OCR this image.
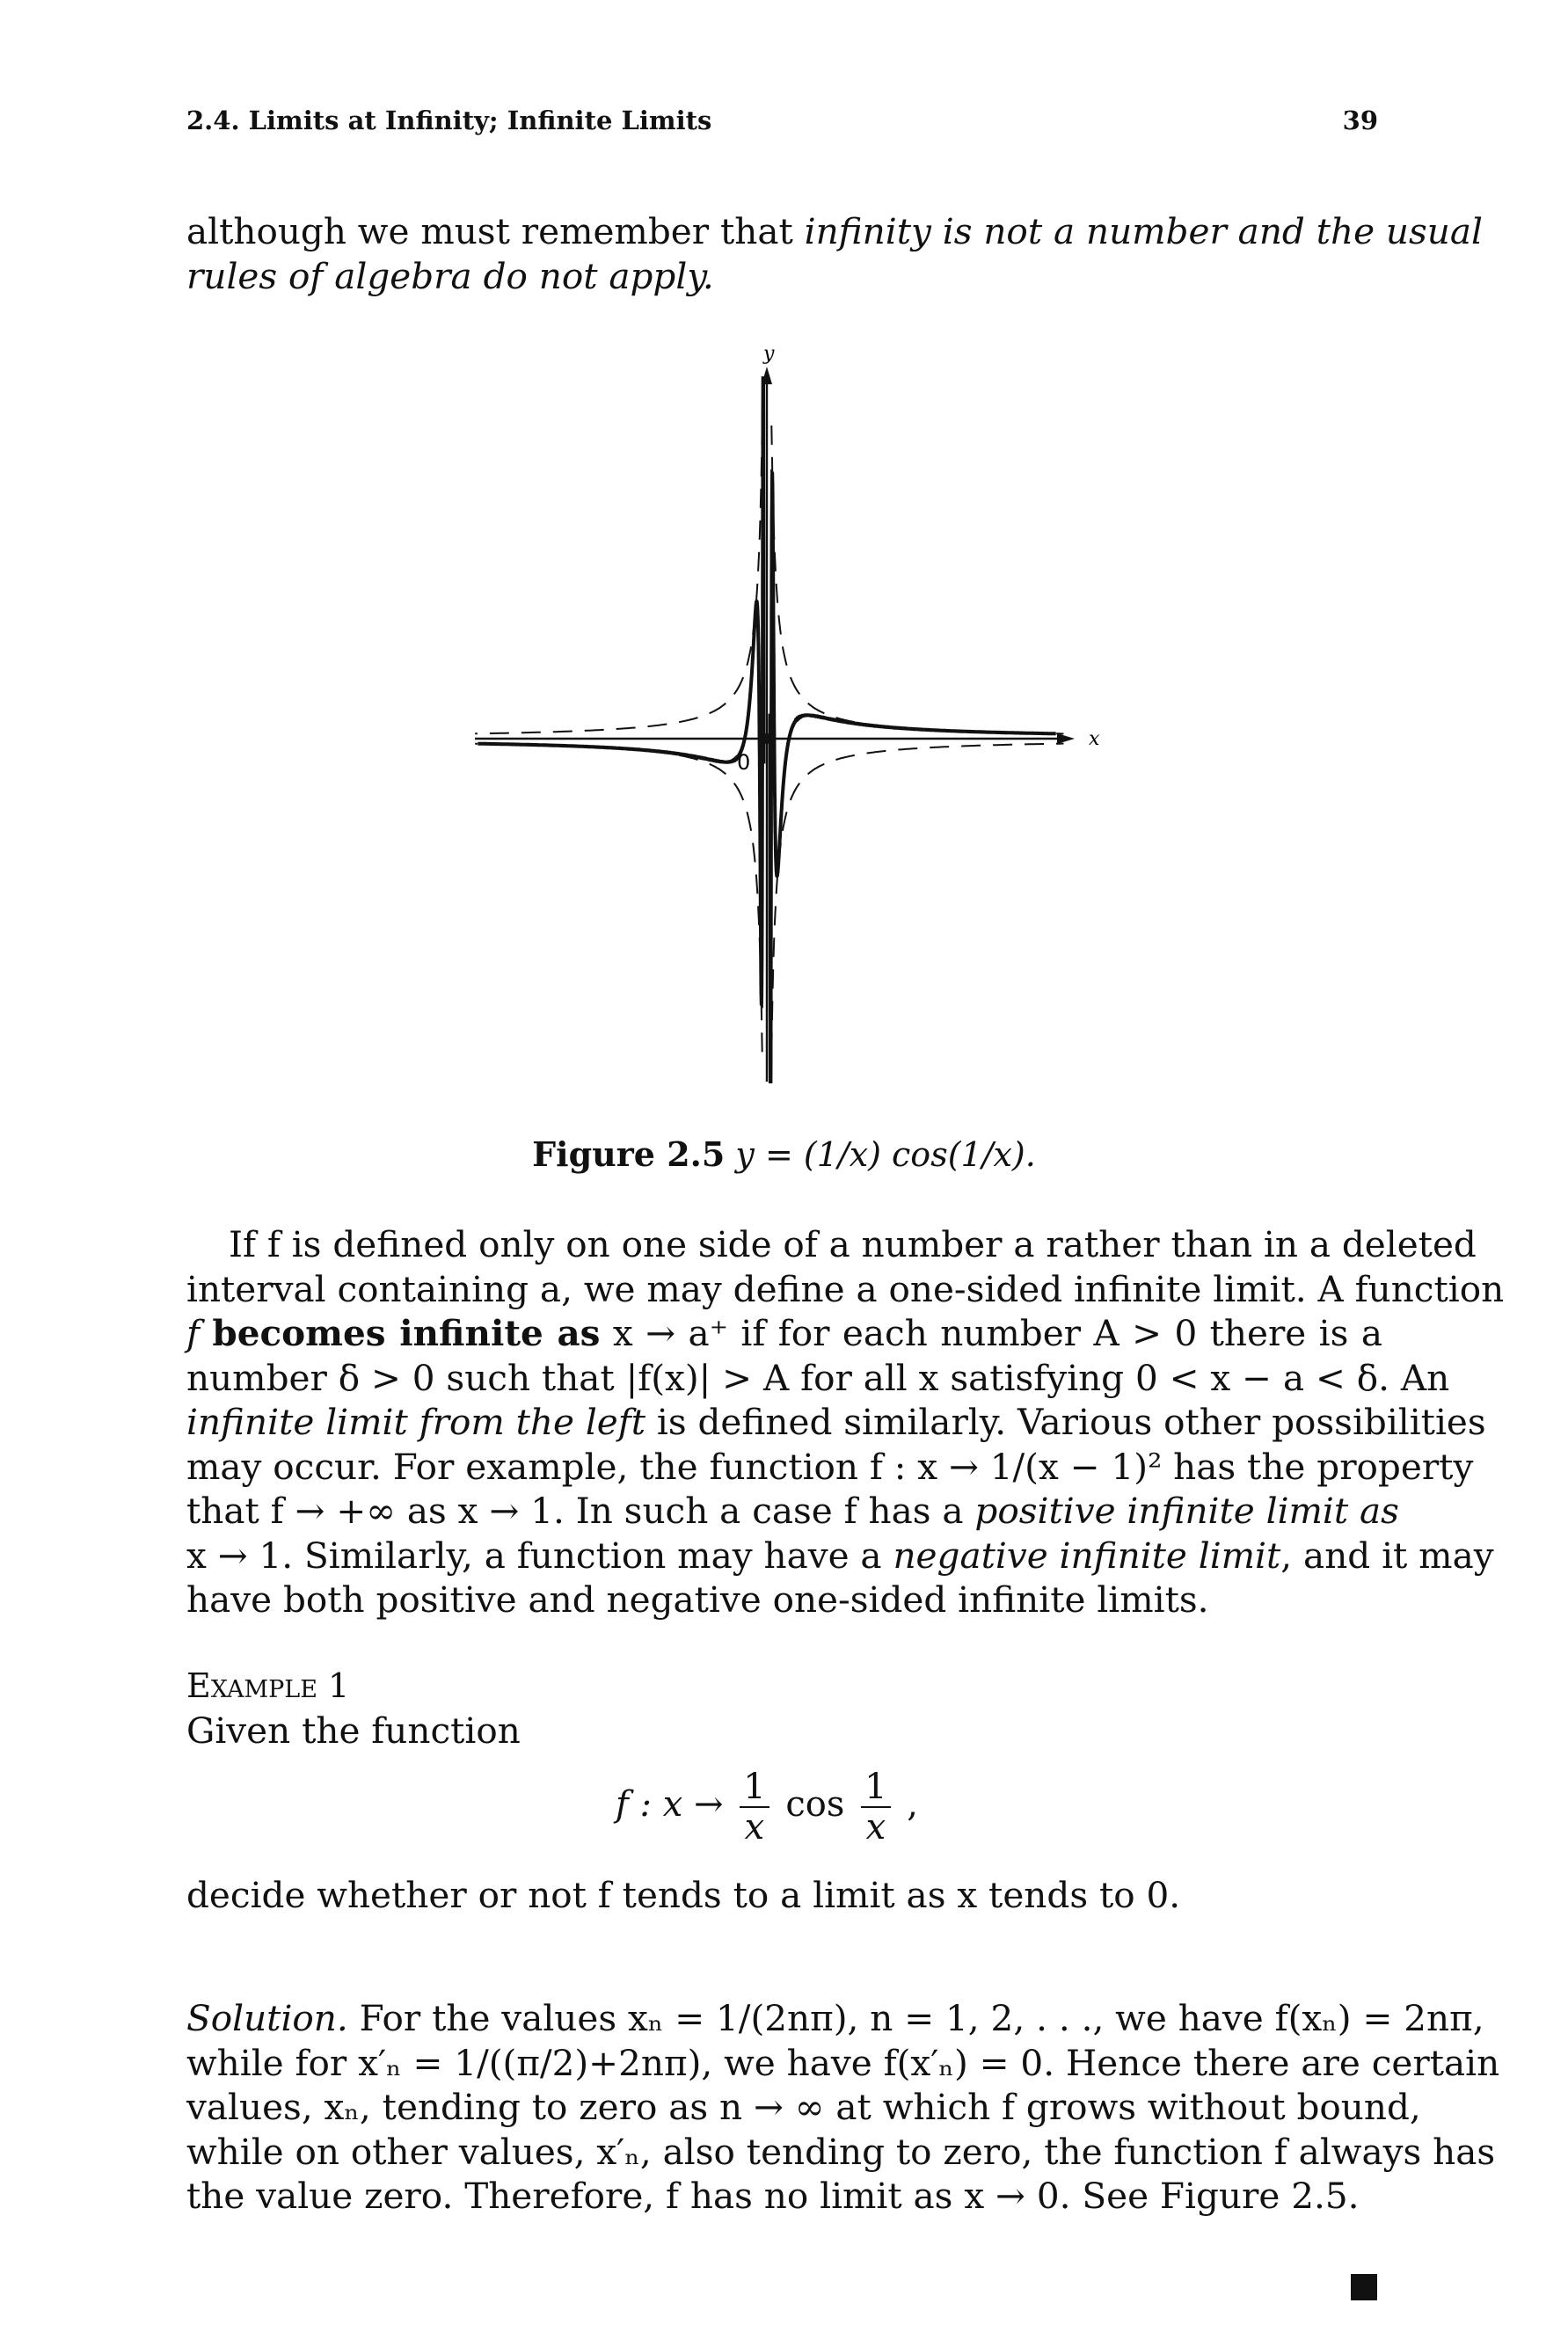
2.4. Limits at Infinity; Infinite Limits	39
although we must remember that infinity is not a number and the usual
rules of algebra do not apply.
y
x
0
Figure 2.5 y = (1/x) cos(1/x).
If f is defined only on one side of a number a rather than in a deleted
interval containing a, we may define a one-sided infinite limit. A function
f becomes infinite as x → a⁺ if for each number A > 0 there is a
number δ > 0 such that |f(x)| > A for all x satisfying 0 < x − a < δ. An
infinite limit from the left is defined similarly. Various other possibilities
may occur. For example, the function f : x → 1/(x − 1)² has the property
that f → +∞ as x → 1. In such a case f has a positive infinite limit as
x → 1. Similarly, a function may have a negative infinite limit, and it may
have both positive and negative one-sided infinite limits.
Example 1
Given the function
f : $x \to \frac{1}{x}$ $\cos \frac{1}{x}$ ,
decide whether or not f tends to a limit as x tends to 0.
Solution. For the values xₙ = 1/(2nπ), n = 1, 2, . . ., we have f(xₙ) = 2nπ,
while for x′ₙ = 1/((π/2)+2nπ), we have f(x′ₙ) = 0. Hence there are certain
values, xₙ, tending to zero as n → ∞ at which f grows without bound,
while on other values, x′ₙ, also tending to zero, the function f always has
the value zero. Therefore, f has no limit as x → 0. See Figure 2.5.
